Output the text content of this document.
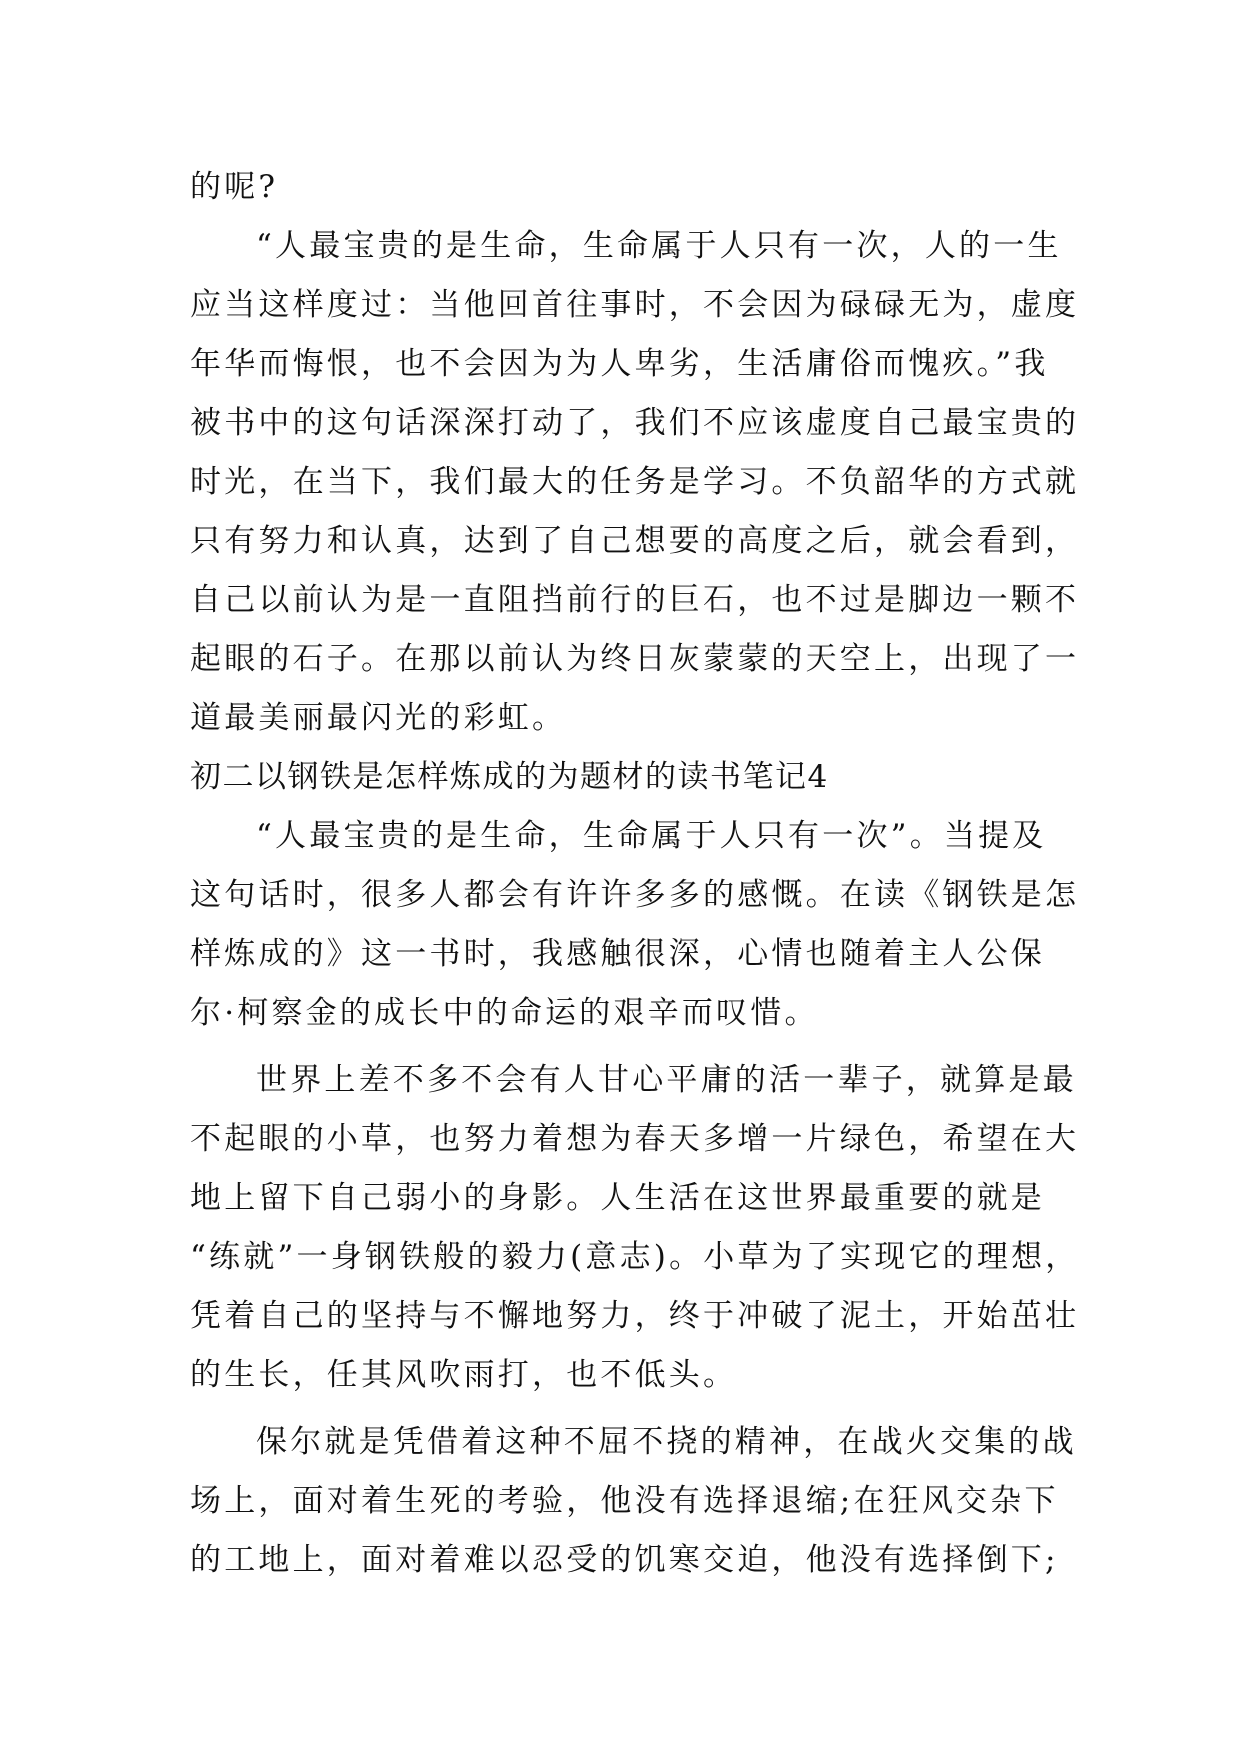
的呢?
“人最宝贵的是生命，生命属于人只有一次，人的一生
应当这样度过：当他回首往事时，不会因为碌碌无为，虚度
年华而悔恨，也不会因为为人卑劣，生活庸俗而愧疚。”我
被书中的这句话深深打动了，我们不应该虚度自己最宝贵的
时光，在当下，我们最大的任务是学习。不负韶华的方式就
只有努力和认真，达到了自己想要的高度之后，就会看到，
自己以前认为是一直阻挡前行的巨石，也不过是脚边一颗不
起眼的石子。在那以前认为终日灰蒙蒙的天空上，出现了一
道最美丽最闪光的彩虹。
初二以钢铁是怎样炼成的为题材的读书笔记4
“人最宝贵的是生命，生命属于人只有一次”。当提及
这句话时，很多人都会有许许多多的感慨。在读《钢铁是怎
样炼成的》这一书时，我感触很深，心情也随着主人公保
尔·柯察金的成长中的命运的艰辛而叹惜。
世界上差不多不会有人甘心平庸的活一辈子，就算是最
不起眼的小草，也努力着想为春天多增一片绿色，希望在大
地上留下自己弱小的身影。人生活在这世界最重要的就是
“练就”一身钢铁般的毅力(意志)。小草为了实现它的理想，
凭着自己的坚持与不懈地努力，终于冲破了泥土，开始茁壮
的生长，任其风吹雨打，也不低头。
保尔就是凭借着这种不屈不挠的精神，在战火交集的战
场上，面对着生死的考验，他没有选择退缩;在狂风交杂下
的工地上，面对着难以忍受的饥寒交迫，他没有选择倒下;
